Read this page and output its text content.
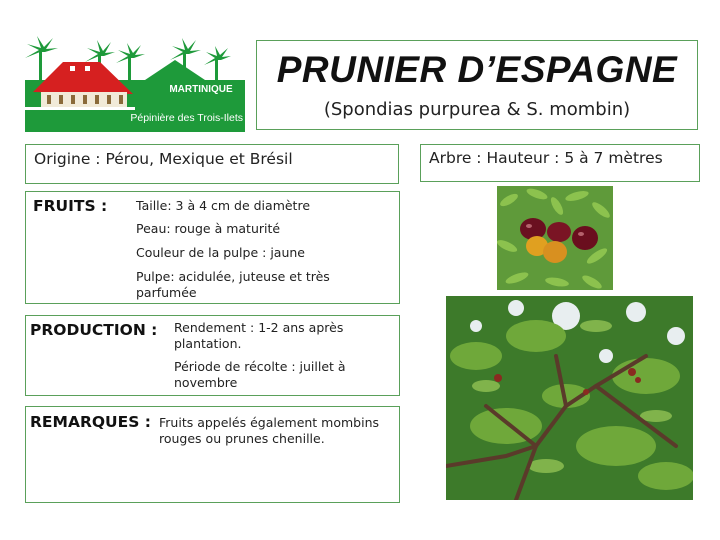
MARTINIQUE
Pépinière des Trois-Ilets
PRUNIER D’ESPAGNE
(Spondias purpurea & S. mombin)
Origine : Pérou, Mexique et Brésil	Arbre : Hauteur : 5 à 7 mètres
FRUITS : Taille: 3 à 4 cm de diamètre
Peau: rouge à maturité
Couleur de la pulpe : jaune
Pulpe: acidulée, juteuse et très parfumée
PRODUCTION : Rendement : 1-2 ans après plantation.
Période de récolte : juillet à novembre
REMARQUES : Fruits appelés également mombins rouges ou prunes chenille.
